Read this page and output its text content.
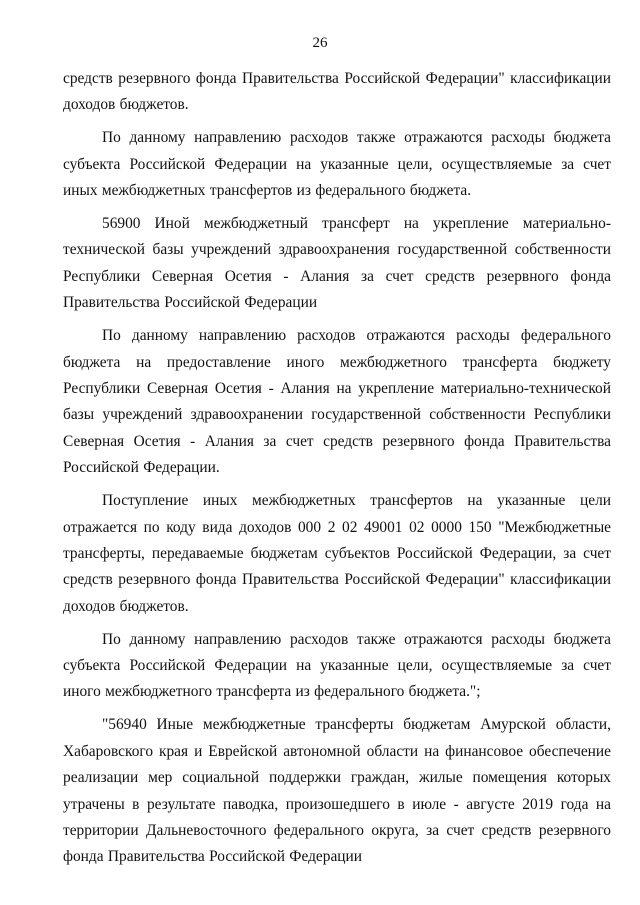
26

средств резервного фонда Правительства Российской Федерации" классификации доходов бюджетов.

По данному направлению расходов также отражаются расходы бюджета субъекта Российской Федерации на указанные цели, осуществляемые за счет иных межбюджетных трансфертов из федерального бюджета.

56900 Иной межбюджетный трансферт на укрепление материально-технической базы учреждений здравоохранения государственной собственности Республики Северная Осетия - Алания за счет средств резервного фонда Правительства Российской Федерации

По данному направлению расходов отражаются расходы федерального бюджета на предоставление иного межбюджетного трансферта бюджету Республики Северная Осетия - Алания на укрепление материально-технической базы учреждений здравоохранении государственной собственности Республики Северная Осетия - Алания за счет средств резервного фонда Правительства Российской Федерации.

Поступление иных межбюджетных трансфертов на указанные цели отражается по коду вида доходов 000 2 02 49001 02 0000 150 "Межбюджетные трансферты, передаваемые бюджетам субъектов Российской Федерации, за счет средств резервного фонда Правительства Российской Федерации" классификации доходов бюджетов.

По данному направлению расходов также отражаются расходы бюджета субъекта Российской Федерации на указанные цели, осуществляемые за счет иного межбюджетного трансферта из федерального бюджета.";

"56940 Иные межбюджетные трансферты бюджетам Амурской области, Хабаровского края и Еврейской автономной области на финансовое обеспечение реализации мер социальной поддержки граждан, жилые помещения которых утрачены в результате паводка, произошедшего в июле - августе 2019 года на территории Дальневосточного федерального округа, за счет средств резервного фонда Правительства Российской Федерации
